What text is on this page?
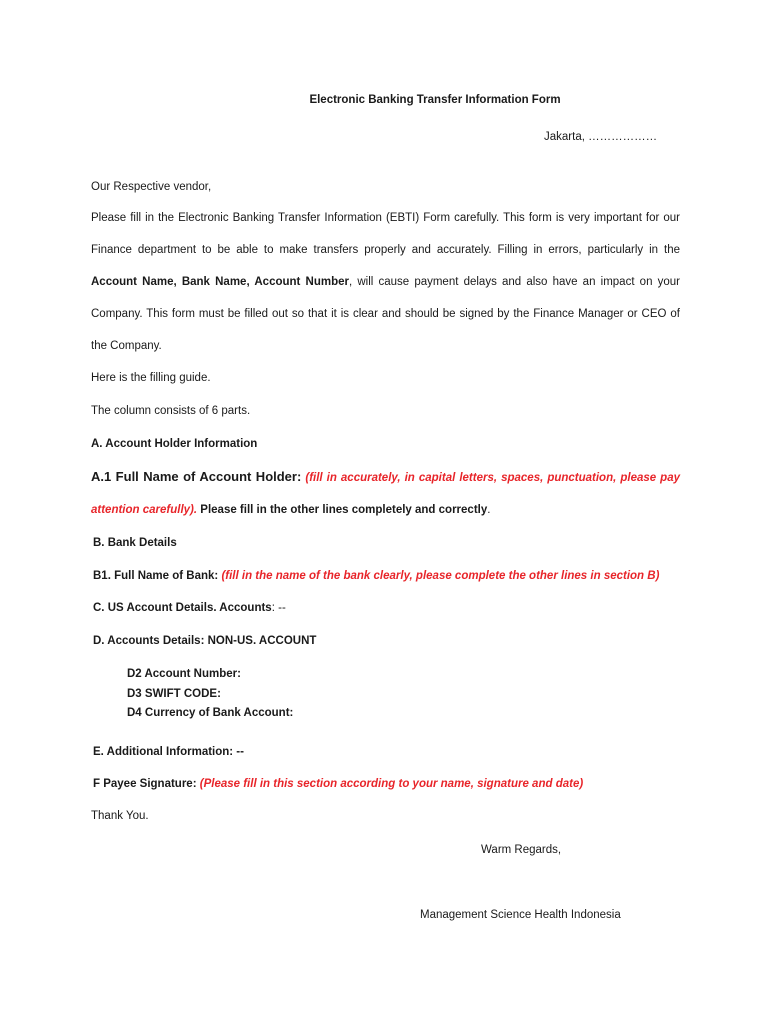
Electronic Banking Transfer Information Form
Jakarta, ………………
Our Respective vendor,
Please fill in the Electronic Banking Transfer Information (EBTI) Form carefully. This form is very important for our
Finance department to be able to make transfers properly and accurately. Filling in errors, particularly in the
Account Name, Bank Name, Account Number, will cause payment delays and also have an impact on your
Company. This form must be filled out so that it is clear and should be signed by the Finance Manager or CEO of
the Company.
Here is the filling guide.
The column consists of 6 parts.
A. Account Holder Information
A.1 Full Name of Account Holder: (fill in accurately, in capital letters, spaces, punctuation, please pay
attention carefully). Please fill in the other lines completely and correctly.
B. Bank Details
B1. Full Name of Bank: (fill in the name of the bank clearly, please complete the other lines in section B)
C. US Account Details. Accounts: --
D. Accounts Details: NON-US. ACCOUNT
D2 Account Number:
D3 SWIFT CODE:
D4 Currency of Bank Account:
E. Additional Information: --
F Payee Signature: (Please fill in this section according to your name, signature and date)
Thank You.
Warm Regards,
Management Science Health Indonesia
